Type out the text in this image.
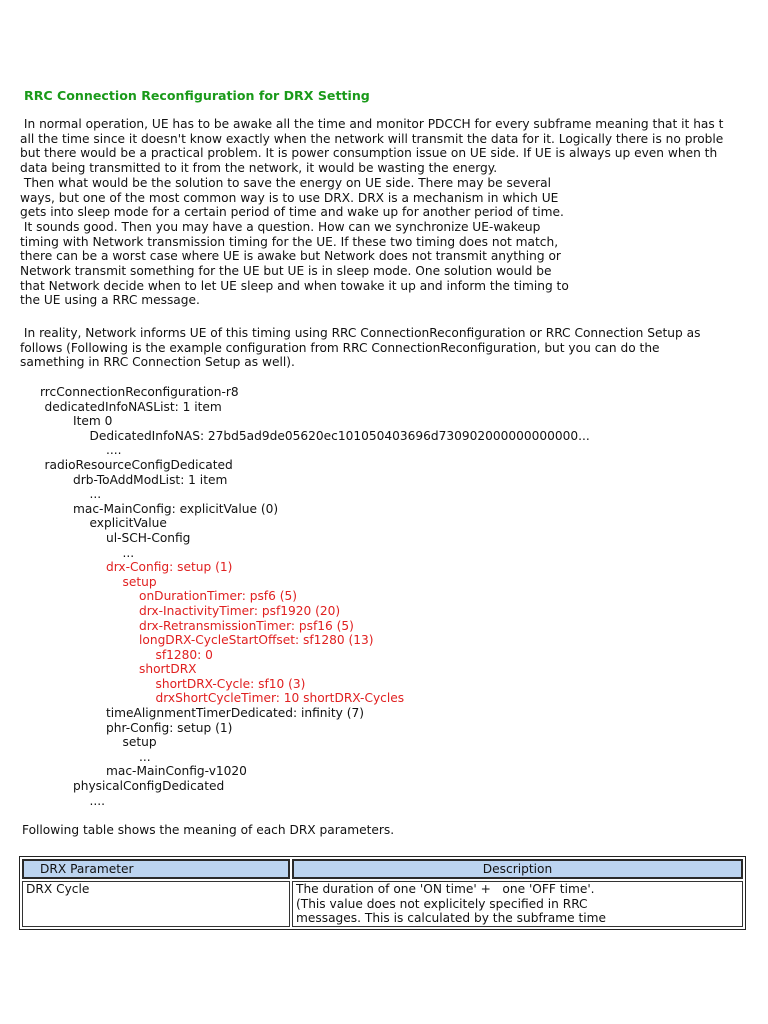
RRC Connection Reconfiguration for DRX Setting
In normal operation, UE has to be awake all the time and monitor PDCCH for every subframe meaning that it has t
all the time since it doesn't know exactly when the network will transmit the data for it. Logically there is no proble
but there would be a practical problem. It is power consumption issue on UE side. If UE is always up even when th
data being transmitted to it from the network, it would be wasting the energy.
Then what would be the solution to save the energy on UE side. There may be several
ways, but one of the most common way is to use DRX. DRX is a mechanism in which UE
gets into sleep mode for a certain period of time and wake up for another period of time.
It sounds good. Then you may have a question. How can we synchronize UE-wakeup
timing with Network transmission timing for the UE. If these two timing does not match,
there can be a worst case where UE is awake but Network does not transmit anything or
Network transmit something for the UE but UE is in sleep mode. One solution would be
that Network decide when to let UE sleep and when towake it up and inform the timing to
the UE using a RRC message.
In reality, Network informs UE of this timing using RRC ConnectionReconfiguration or RRC Connection Setup as
follows (Following is the example configuration from RRC ConnectionReconfiguration, but you can do the
samething in RRC Connection Setup as well).
rrcConnectionReconfiguration-r8
dedicatedInfoNASList: 1 item
Item 0
DedicatedInfoNAS: 27bd5ad9de05620ec101050403696d730902000000000000...
....
radioResourceConfigDedicated
drb-ToAddModList: 1 item
...
mac-MainConfig: explicitValue (0)
explicitValue
ul-SCH-Config
...
drx-Config: setup (1)
setup
onDurationTimer: psf6 (5)
drx-InactivityTimer: psf1920 (20)
drx-RetransmissionTimer: psf16 (5)
longDRX-CycleStartOffset: sf1280 (13)
sf1280: 0
shortDRX
shortDRX-Cycle: sf10 (3)
drxShortCycleTimer: 10 shortDRX-Cycles
timeAlignmentTimerDedicated: infinity (7)
phr-Config: setup (1)
setup
...
mac-MainConfig-v1020
physicalConfigDedicated
....
Following table shows the meaning of each DRX parameters.
DRX Parameter	Description
DRX Cycle	The duration of one 'ON time' +   one 'OFF time'.
(This value does not explicitely specified in RRC
messages. This is calculated by the subframe time
